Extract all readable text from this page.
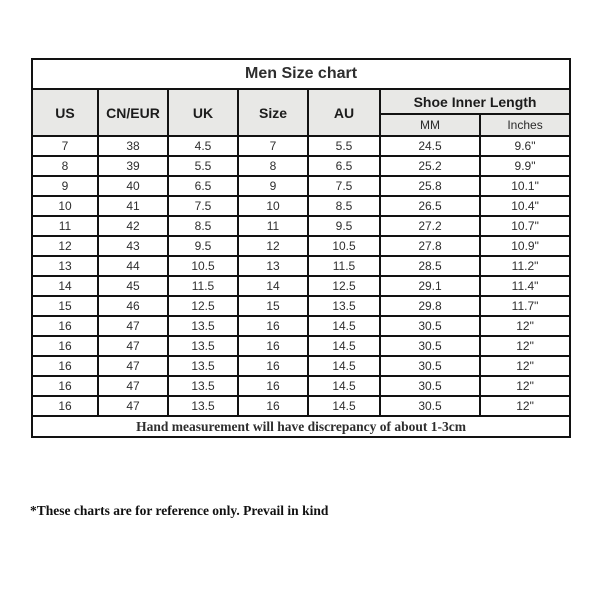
Men Size chart						
US	CN/EUR	UK	Size	AU	Shoe Inner Length	
					MM	Inches
7	38	4.5	7	5.5	24.5	9.6"
8	39	5.5	8	6.5	25.2	9.9"
9	40	6.5	9	7.5	25.8	10.1"
10	41	7.5	10	8.5	26.5	10.4"
11	42	8.5	11	9.5	27.2	10.7"
12	43	9.5	12	10.5	27.8	10.9"
13	44	10.5	13	11.5	28.5	11.2"
14	45	11.5	14	12.5	29.1	11.4"
15	46	12.5	15	13.5	29.8	11.7"
16	47	13.5	16	14.5	30.5	12"
16	47	13.5	16	14.5	30.5	12"
16	47	13.5	16	14.5	30.5	12"
16	47	13.5	16	14.5	30.5	12"
16	47	13.5	16	14.5	30.5	12"
Hand measurement will have discrepancy of about 1-3cm						
*These charts are for reference only. Prevail in kind
